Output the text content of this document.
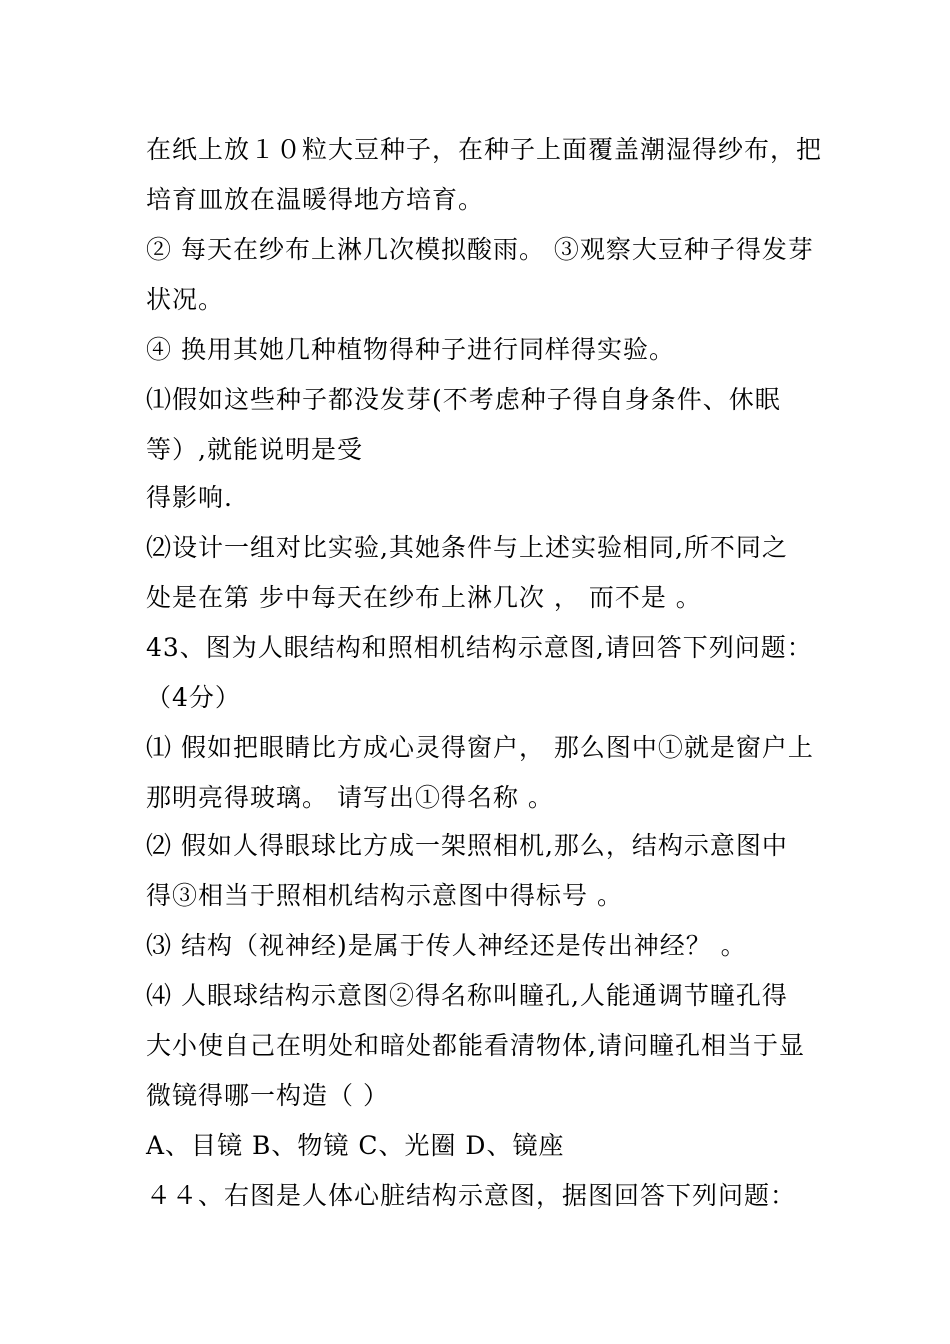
在纸上放１０粒大豆种子，在种子上面覆盖潮湿得纱布，把
培育皿放在温暖得地方培育。
② 每天在纱布上淋几次模拟酸雨。 ③观察大豆种子得发芽
状况。
④ 换用其她几种植物得种子进行同样得实验。
⑴假如这些种子都没发芽(不考虑种子得自身条件、休眠
等）,就能说明是受
得影响.
⑵设计一组对比实验,其她条件与上述实验相同,所不同之
处是在第 步中每天在纱布上淋几次 ， 而不是 。
43、图为人眼结构和照相机结构示意图,请回答下列问题：
（4分）
⑴ 假如把眼睛比方成心灵得窗户， 那么图中①就是窗户上
那明亮得玻璃。 请写出①得名称 。
⑵ 假如人得眼球比方成一架照相机,那么，结构示意图中
得③相当于照相机结构示意图中得标号 。
⑶ 结构（视神经)是属于传人神经还是传出神经？ 。
⑷ 人眼球结构示意图②得名称叫瞳孔,人能通调节瞳孔得
大小使自己在明处和暗处都能看清物体,请问瞳孔相当于显
微镜得哪一构造（ ）
A、目镜 B、物镜 C、光圈 D、镜座
４４、右图是人体心脏结构示意图，据图回答下列问题：
